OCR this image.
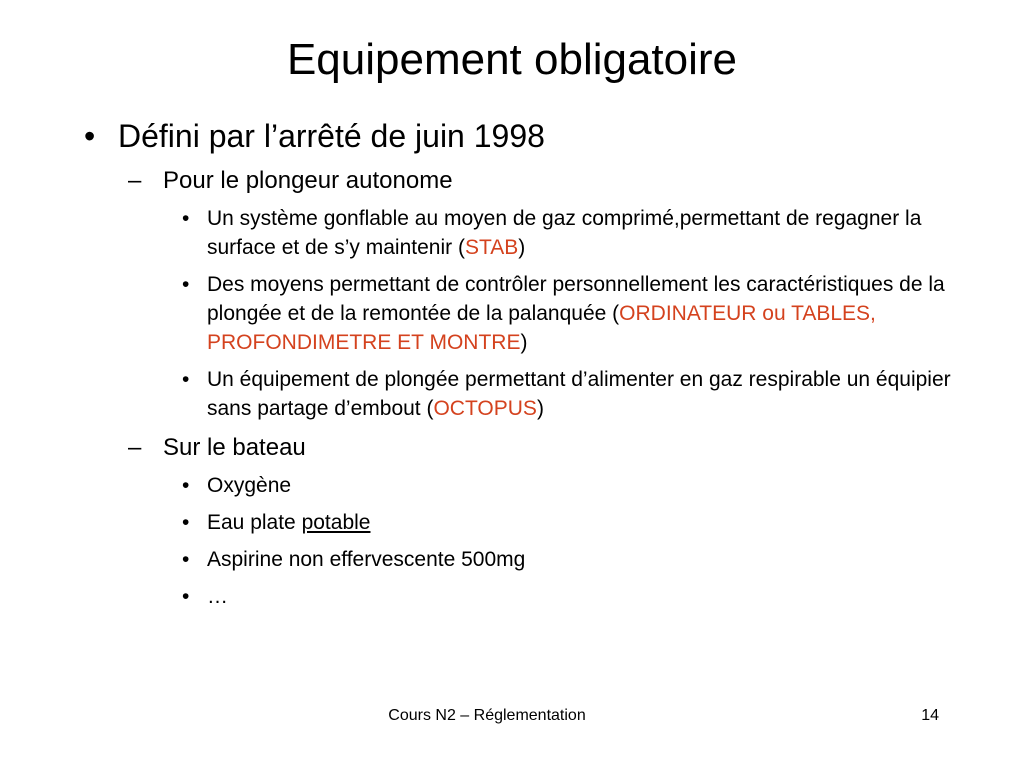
Equipement obligatoire
• Défini par l’arrêté de juin 1998
– Pour le plongeur autonome
• Un système gonflable au moyen de gaz comprimé,permettant de regagner la surface et de s’y maintenir (STAB)
• Des moyens permettant de contrôler personnellement les caractéristiques de la plongée et de la remontée de la palanquée (ORDINATEUR ou TABLES, PROFONDIMETRE ET MONTRE)
• Un équipement de plongée permettant d’alimenter en gaz respirable un équipier sans partage d’embout (OCTOPUS)
– Sur le bateau
• Oxygène
• Eau plate potable
• Aspirine non effervescente 500mg
• …
Cours N2 – Réglementation	14
